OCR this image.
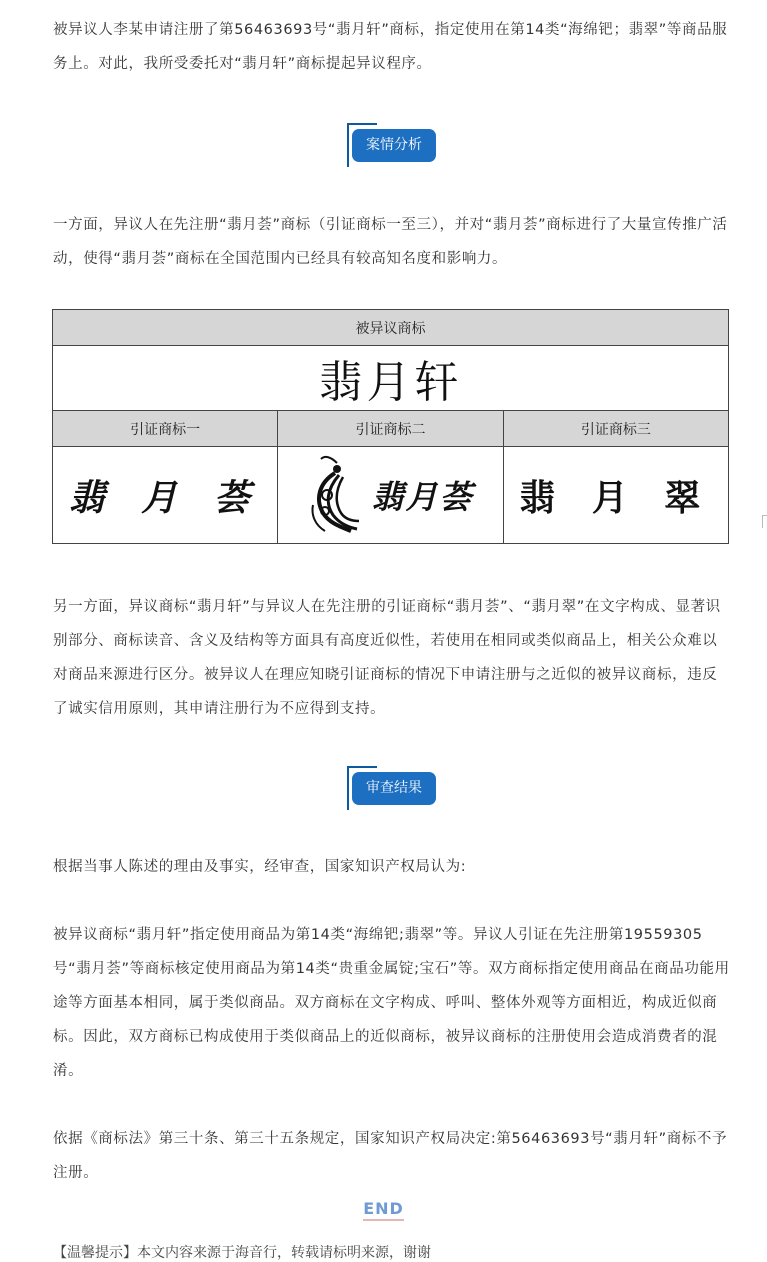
被异议人李某申请注册了第56463693号“翡月轩”商标，指定使用在第14类“海绵钯；翡翠”等商品服务上。对此，我所受委托对“翡月轩”商标提起异议程序。

案情分析

一方面，异议人在先注册“翡月荟”商标（引证商标一至三），并对“翡月荟”商标进行了大量宣传推广活动，使得“翡月荟”商标在全国范围内已经具有较高知名度和影响力。

被异议商标		
翡月轩		
引证商标一	引证商标二	引证商标三
翡 月 荟	翡月荟	翡 月 翠

另一方面，异议商标“翡月轩”与异议人在先注册的引证商标“翡月荟”、“翡月翠”在文字构成、显著识别部分、商标读音、含义及结构等方面具有高度近似性，若使用在相同或类似商品上，相关公众难以对商品来源进行区分。被异议人在理应知晓引证商标的情况下申请注册与之近似的被异议商标，违反了诚实信用原则，其申请注册行为不应得到支持。

审查结果

根据当事人陈述的理由及事实，经审查，国家知识产权局认为:

被异议商标“翡月轩”指定使用商品为第14类“海绵钯;翡翠”等。异议人引证在先注册第19559305号“翡月荟”等商标核定使用商品为第14类“贵重金属锭;宝石”等。双方商标指定使用商品在商品功能用途等方面基本相同，属于类似商品。双方商标在文字构成、呼叫、整体外观等方面相近，构成近似商标。因此，双方商标已构成使用于类似商品上的近似商标，被异议商标的注册使用会造成消费者的混淆。

依据《商标法》第三十条、第三十五条规定，国家知识产权局决定:第56463693号“翡月轩”商标不予注册。

END
【温馨提示】本文内容来源于海音行，转载请标明来源，谢谢
